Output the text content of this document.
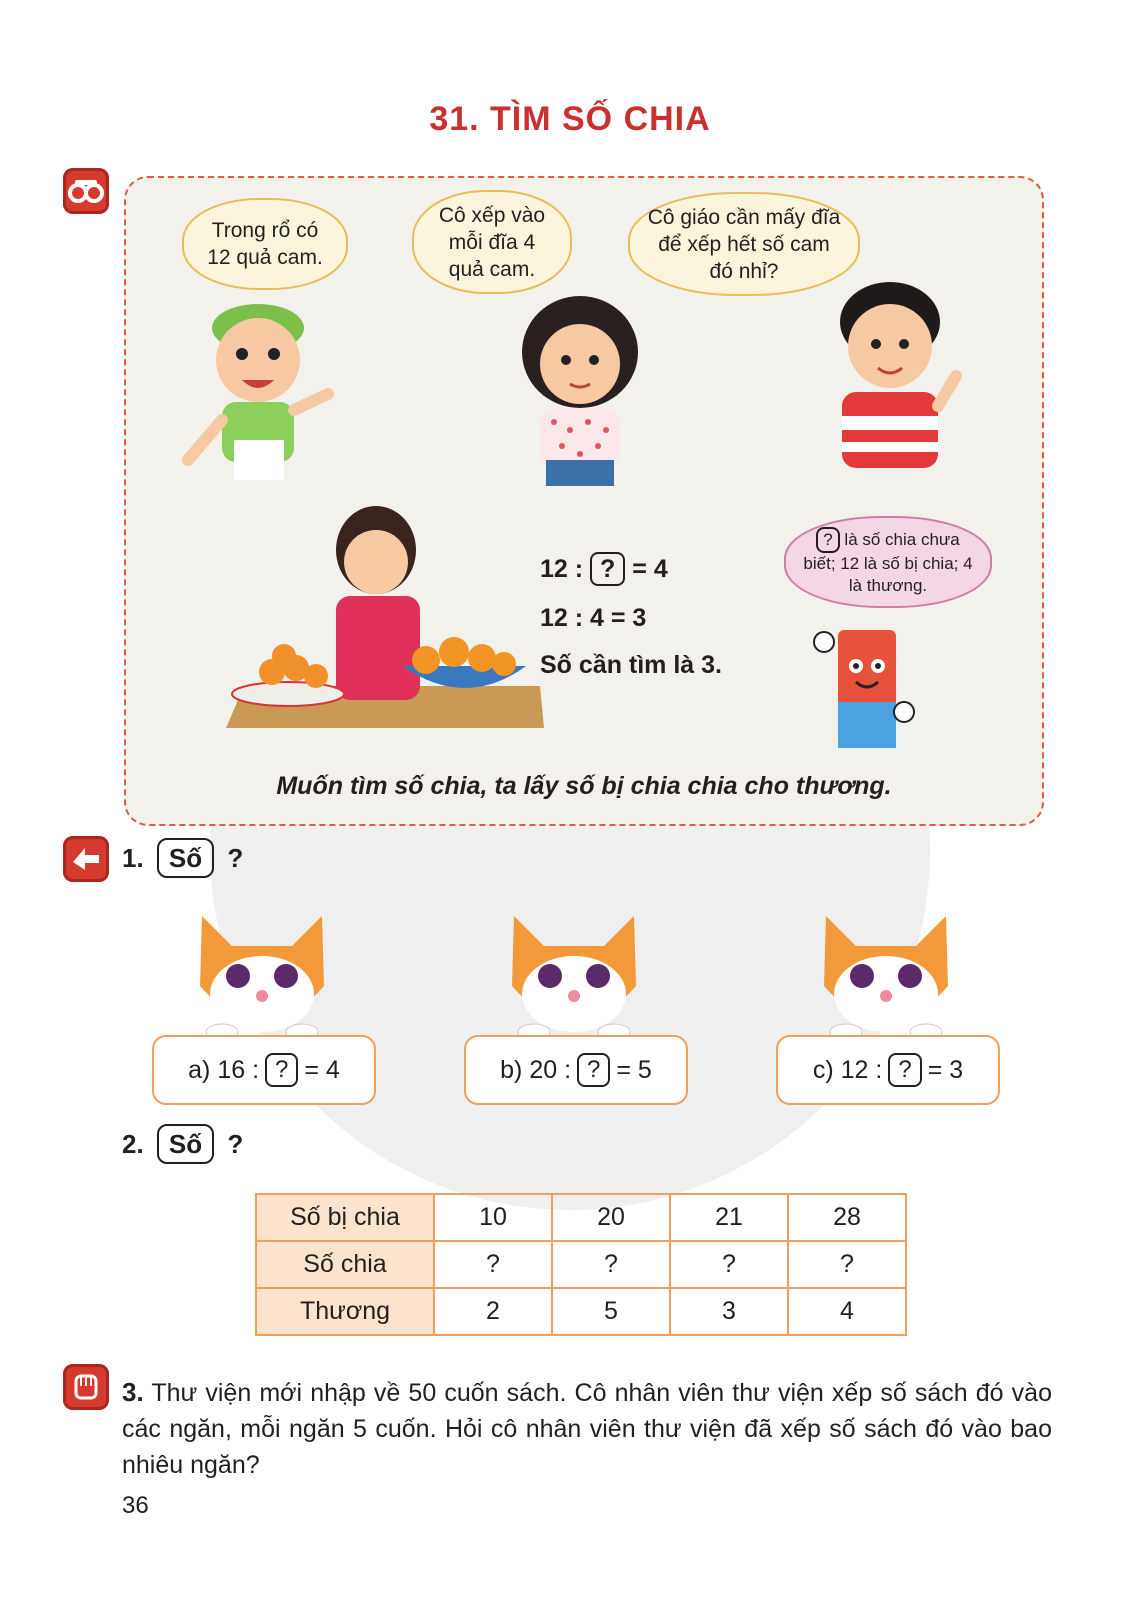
31. TÌM SỐ CHIA
Trong rổ có 12 quả cam.
Cô xếp vào mỗi đĩa 4 quả cam.
Cô giáo cần mấy đĩa để xếp hết số cam đó nhỉ?
12 : ? = 4
12 : 4 = 3
Số cần tìm là 3.
? là số chia chưa biết; 12 là số bị chia; 4 là thương.
Muốn tìm số chia, ta lấy số bị chia chia cho thương.
1. Số ?
a) 16 : ? = 4	b) 20 : ? = 5	c) 12 : ? = 3
2. Số ?
Số bị chia	10	20	21	28
Số chia	?	?	?	?
Thương	2	5	3	4
3. Thư viện mới nhập về 50 cuốn sách. Cô nhân viên thư viện xếp số sách đó vào các ngăn, mỗi ngăn 5 cuốn. Hỏi cô nhân viên thư viện đã xếp số sách đó vào bao nhiêu ngăn?
36
